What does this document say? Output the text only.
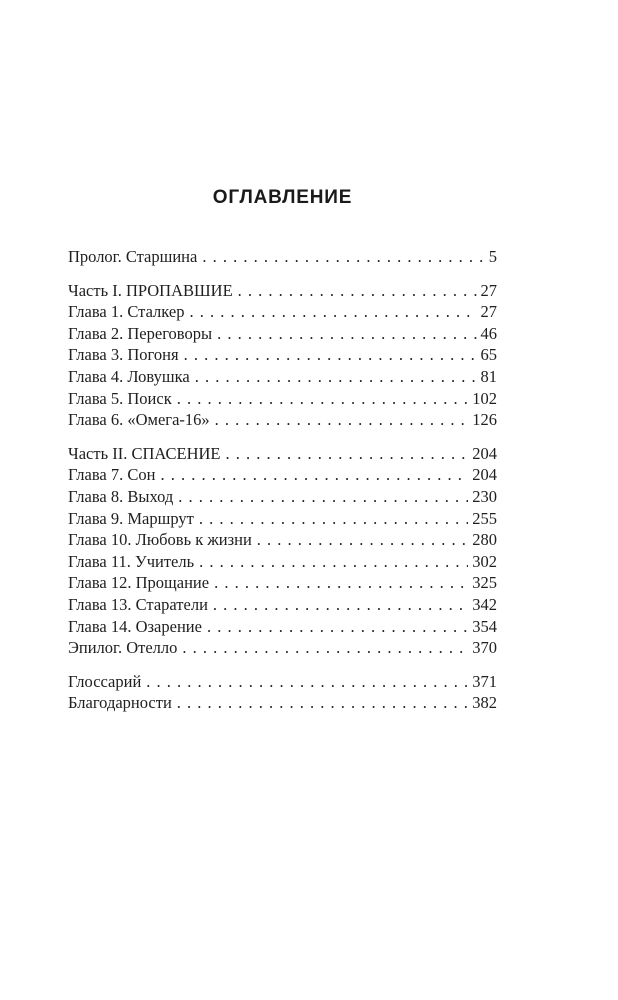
ОГЛАВЛЕНИЕ
Пролог. Старшина . . .	5
Часть I. ПРОПАВШИЕ . . .	27
Глава 1. Сталкер . . .	27
Глава 2. Переговоры . . .	46
Глава 3. Погоня . . .	65
Глава 4. Ловушка . . .	81
Глава 5. Поиск . . .	102
Глава 6. «Омега-16» . . .	126
Часть II. СПАСЕНИЕ . . .	204
Глава 7. Сон . . .	204
Глава 8. Выход . . .	230
Глава 9. Маршрут . . .	255
Глава 10. Любовь к жизни . . .	280
Глава 11. Учитель . . .	302
Глава 12. Прощание . . .	325
Глава 13. Старатели . . .	342
Глава 14. Озарение . . .	354
Эпилог. Отелло . . .	370
Глоссарий . . .	371
Благодарности . . .	382
